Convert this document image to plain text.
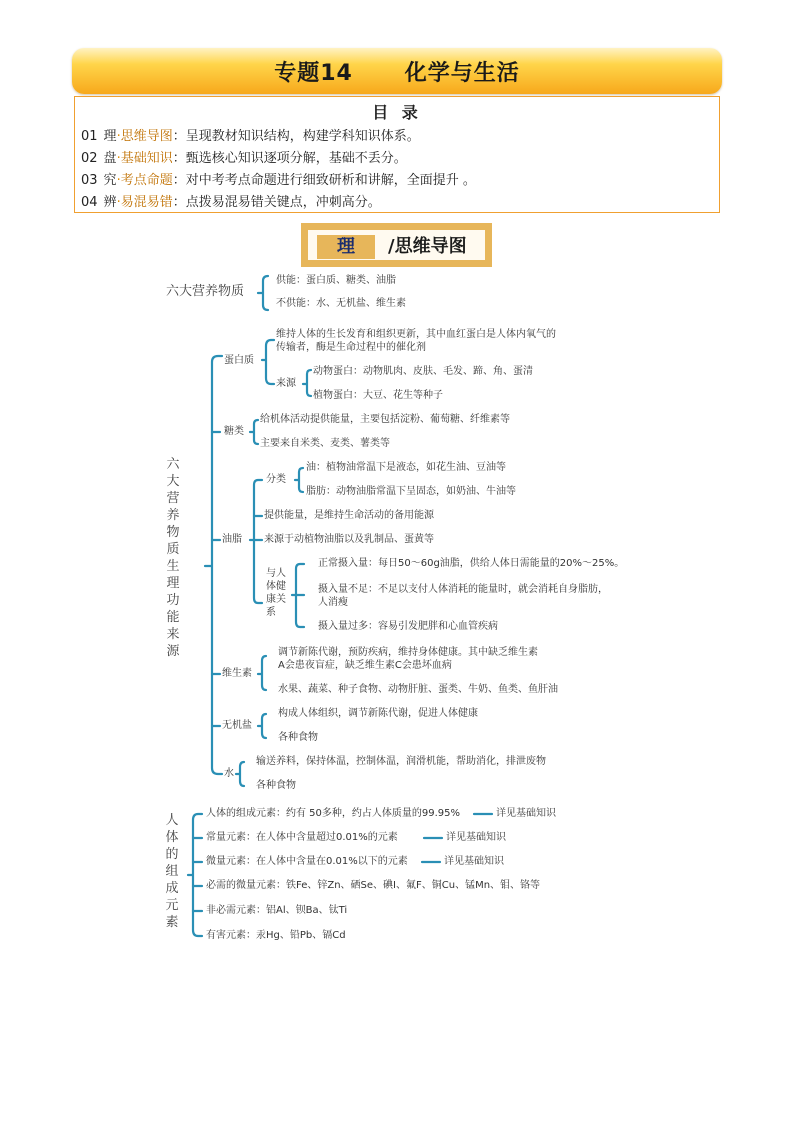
专题14      化学与生活
目 录
01 理·思维导图：呈现教材知识结构，构建学科知识体系。
02 盘·基础知识：甄选核心知识逐项分解，基础不丢分。
03 究·考点命题：对中考考点命题进行细致研析和讲解，全面提升 。
04 辨·易混易错：点拨易混易错关键点，冲刺高分。
理	/思维导图
六大营养物质
供能：蛋白质、糖类、油脂
不供能：水、无机盐、维生素
六大营养物质生理功能 来源
蛋白质
维持人体的生长发育和组织更新，其中血红蛋白是人体内氧气的传输者，酶是生命过程中的催化剂
来源
动物蛋白：动物肌肉、皮肤、毛发、蹄、角、蛋清
植物蛋白：大豆、花生等种子
糖类
给机体活动提供能量，主要包括淀粉、葡萄糖、纤维素等
主要来自米类、麦类、薯类等
油脂
分类
油：植物油常温下是液态，如花生油、豆油等
脂肪：动物油脂常温下呈固态，如奶油、牛油等
提供能量，是维持生命活动的备用能源
来源于动植物油脂以及乳制品、蛋黄等
与人体健康关系
正常摄入量：每日50～60g油脂，供给人体日需能量的20%～25%。
摄入量不足：不足以支付人体消耗的能量时，就会消耗自身脂肪，人消瘦
摄入量过多：容易引发肥胖和心血管疾病
维生素
调节新陈代谢，预防疾病，维持身体健康。其中缺乏维生素A会患夜盲症，缺乏维生素C会患坏血病
水果、蔬菜、种子食物、动物肝脏、蛋类、牛奶、鱼类、鱼肝油
无机盐
构成人体组织，调节新陈代谢，促进人体健康
各种食物
水
输送养料，保持体温，控制体温，润滑机能，帮助消化，排泄废物
各种食物
人体的组成元素
人体的组成元素：约有 50多种，约占人体质量的99.95%	详见基础知识
常量元素：在人体中含量超过0.01%的元素	详见基础知识
微量元素：在人体中含量在0.01%以下的元素	详见基础知识
必需的微量元素：铁Fe、锌Zn、硒Se、碘I、氟F、铜Cu、锰Mn、钼、铬等
非必需元素：铝Al、钡Ba、钛Ti
有害元素：汞Hg、铅Pb、镉Cd
